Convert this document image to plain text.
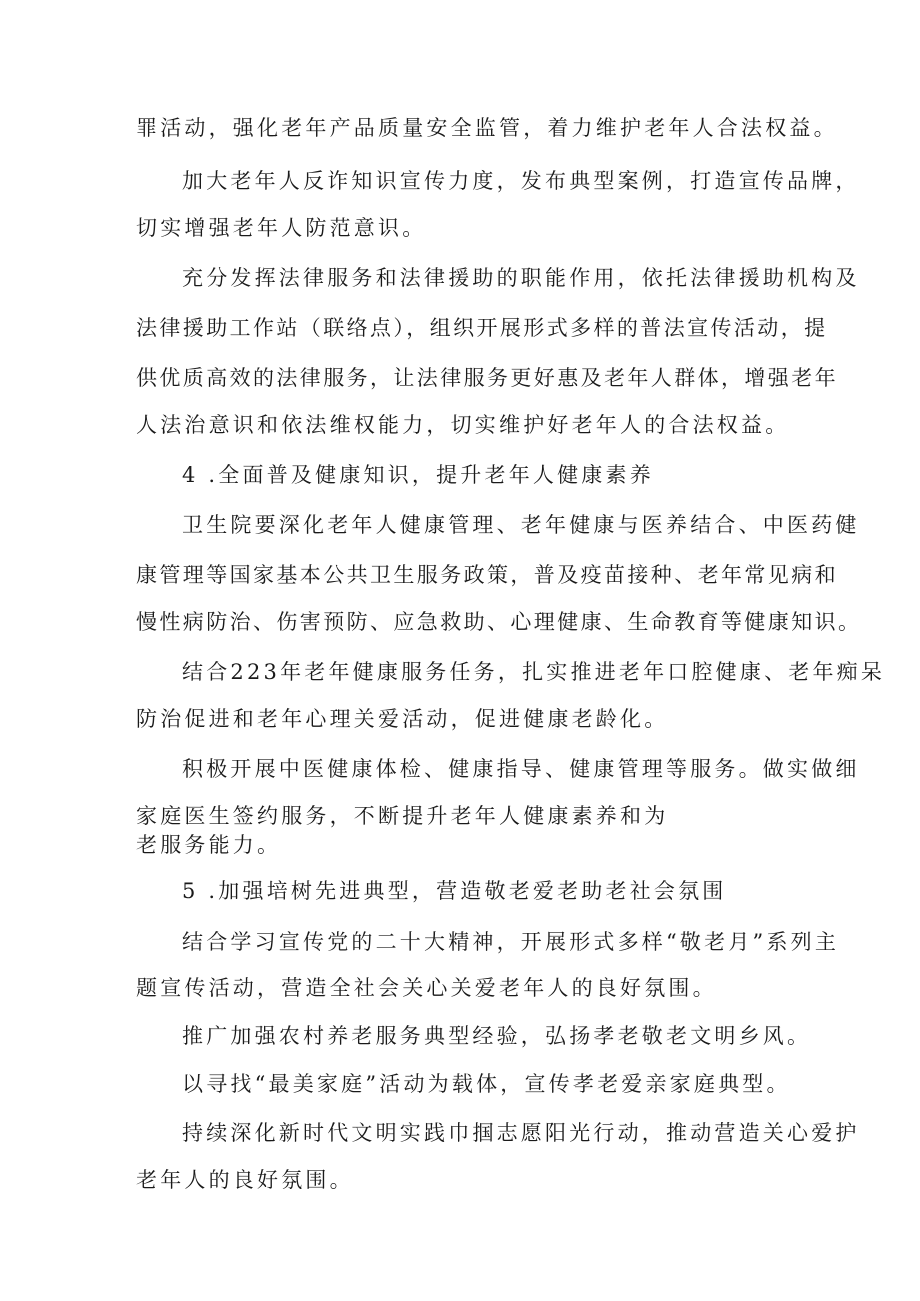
罪活动，强化老年产品质量安全监管，着力维护老年人合法权益。
加大老年人反诈知识宣传力度，发布典型案例，打造宣传品牌，
切实增强老年人防范意识。
充分发挥法律服务和法律援助的职能作用，依托法律援助机构及
法律援助工作站（联络点），组织开展形式多样的普法宣传活动，提
供优质高效的法律服务，让法律服务更好惠及老年人群体，增强老年
人法治意识和依法维权能力，切实维护好老年人的合法权益。
4 .全面普及健康知识，提升老年人健康素养
卫生院要深化老年人健康管理、老年健康与医养结合、中医药健
康管理等国家基本公共卫生服务政策，普及疫苗接种、老年常见病和
慢性病防治、伤害预防、应急救助、心理健康、生命教育等健康知识。
结合223年老年健康服务任务，扎实推进老年口腔健康、老年痴呆
防治促进和老年心理关爱活动，促进健康老龄化。
积极开展中医健康体检、健康指导、健康管理等服务。做实做细
家庭医生签约服务，不断提升老年人健康素养和为
老服务能力。
5 .加强培树先进典型，营造敬老爱老助老社会氛围
结合学习宣传党的二十大精神，开展形式多样“敬老月”系列主
题宣传活动，营造全社会关心关爱老年人的良好氛围。
推广加强农村养老服务典型经验，弘扬孝老敬老文明乡风。
以寻找“最美家庭”活动为载体，宣传孝老爱亲家庭典型。
持续深化新时代文明实践巾掴志愿阳光行动，推动营造关心爱护
老年人的良好氛围。
